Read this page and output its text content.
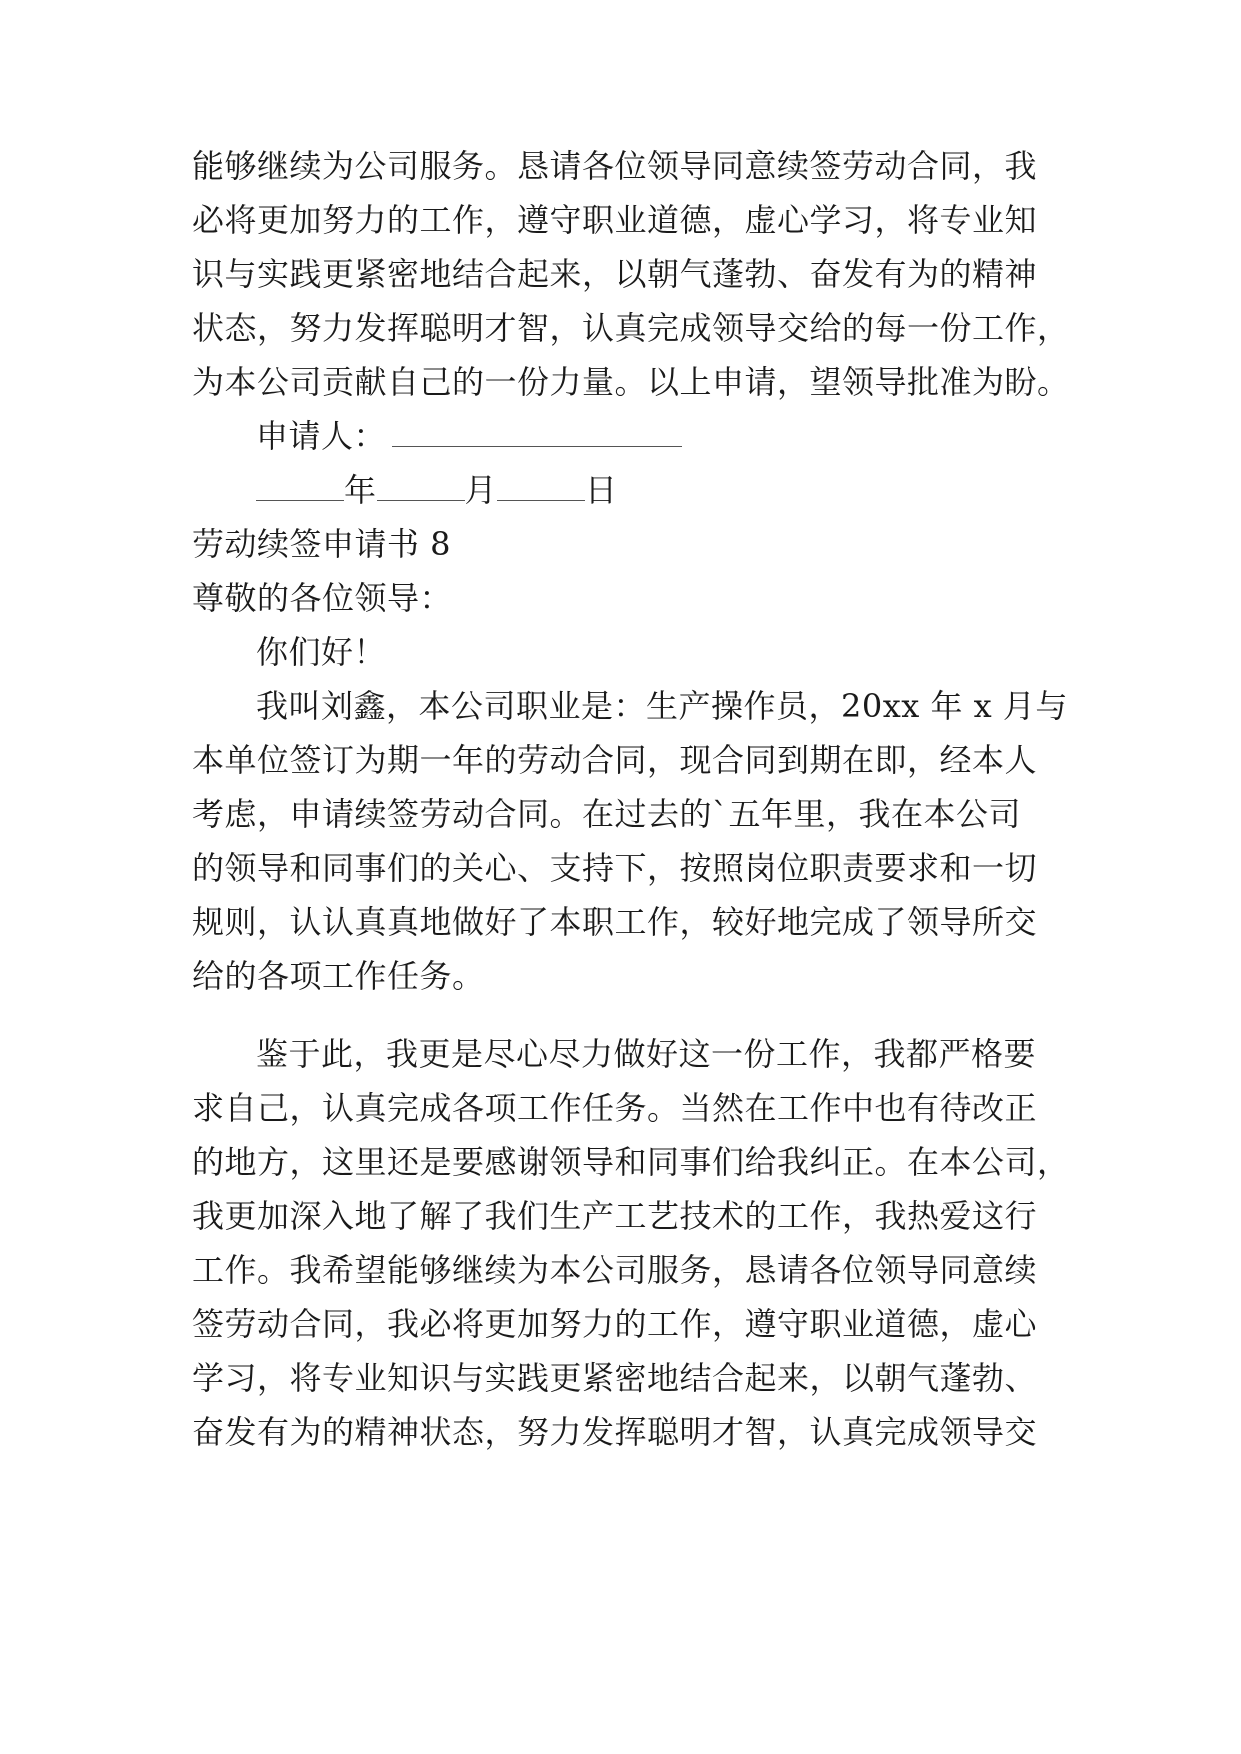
能够继续为公司服务。恳请各位领导同意续签劳动合同，我
必将更加努力的工作，遵守职业道德，虚心学习，将专业知
识与实践更紧密地结合起来，以朝气蓬勃、奋发有为的精神
状态，努力发挥聪明才智，认真完成领导交给的每一份工作，
为本公司贡献自己的一份力量。以上申请，望领导批准为盼。
申请人：
年	月	日
劳动续签申请书 8
尊敬的各位领导：
你们好！
我叫刘鑫，本公司职业是：生产操作员，20xx 年 x 月与
本单位签订为期一年的劳动合同，现合同到期在即，经本人
考虑，申请续签劳动合同。在过去的`五年里，我在本公司
的领导和同事们的关心、支持下，按照岗位职责要求和一切
规则，认认真真地做好了本职工作，较好地完成了领导所交
给的各项工作任务。
鉴于此，我更是尽心尽力做好这一份工作，我都严格要
求自己，认真完成各项工作任务。当然在工作中也有待改正
的地方，这里还是要感谢领导和同事们给我纠正。在本公司，
我更加深入地了解了我们生产工艺技术的工作，我热爱这行
工作。我希望能够继续为本公司服务，恳请各位领导同意续
签劳动合同，我必将更加努力的工作，遵守职业道德，虚心
学习，将专业知识与实践更紧密地结合起来，以朝气蓬勃、
奋发有为的精神状态，努力发挥聪明才智，认真完成领导交
